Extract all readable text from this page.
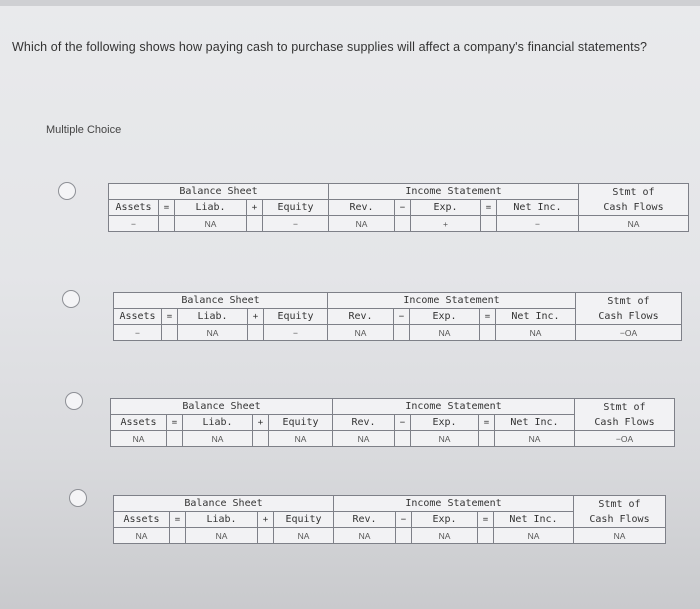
Which of the following shows how paying cash to purchase supplies will affect a company's financial statements?
Multiple Choice
Balance Sheet					Income Statement					Stmt of
Cash Flows
Assets	=	Liab.	+	Equity	Rev.	−	Exp.	=	Net Inc.	
−		NA		−	NA		+		−	NA
Balance Sheet					Income Statement					Stmt of
Cash Flows
Assets	=	Liab.	+	Equity	Rev.	−	Exp.	=	Net Inc.	
−		NA		−	NA		NA		NA	−OA
Balance Sheet					Income Statement					Stmt of
Cash Flows
Assets	=	Liab.	+	Equity	Rev.	−	Exp.	=	Net Inc.	
NA		NA		NA	NA		NA		NA	−OA
Balance Sheet					Income Statement					Stmt of
Cash Flows
Assets	=	Liab.	+	Equity	Rev.	−	Exp.	=	Net Inc.	
NA		NA		NA	NA		NA		NA	NA
